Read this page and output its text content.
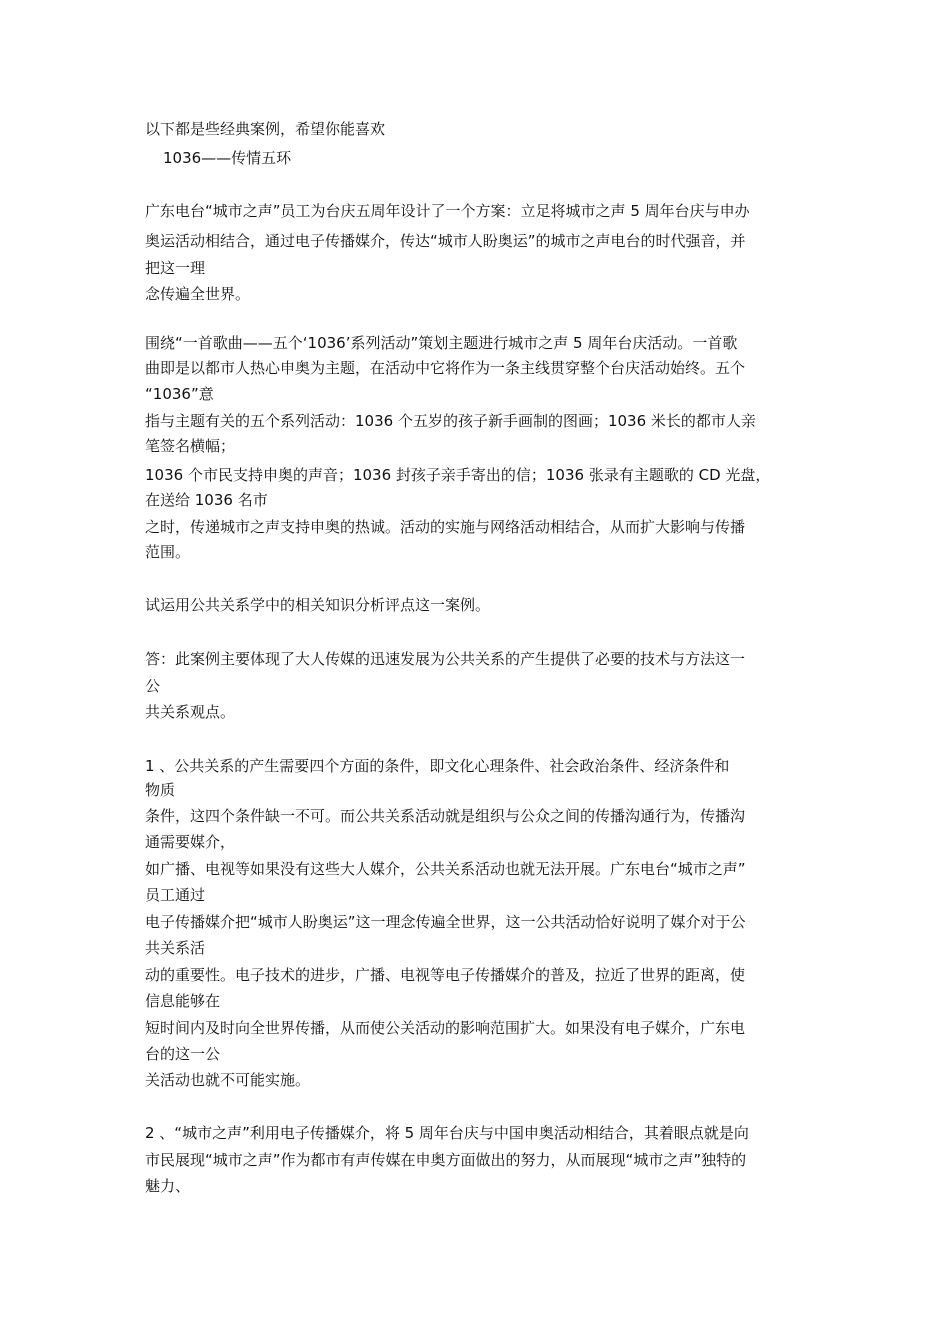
以下都是些经典案例，希望你能喜欢
1036——传情五环
广东电台“城市之声”员工为台庆五周年设计了一个方案：立足将城市之声 5 周年台庆与申办
奥运活动相结合，通过电子传播媒介，传达“城市人盼奥运”的城市之声电台的时代强音，并
把这一理
念传遍全世界。
围绕“一首歌曲——五个‘1036’系列活动”策划主题进行城市之声 5 周年台庆活动。一首歌
曲即是以都市人热心申奥为主题，在活动中它将作为一条主线贯穿整个台庆活动始终。五个
“1036”意
指与主题有关的五个系列活动：1036 个五岁的孩子新手画制的图画；1036 米长的都市人亲
笔签名横幅；
1036 个市民支持申奥的声音；1036 封孩子亲手寄出的信；1036 张录有主题歌的 CD 光盘，
在送给 1036 名市
之时，传递城市之声支持申奥的热诚。活动的实施与网络活动相结合，从而扩大影响与传播
范围。
试运用公共关系学中的相关知识分析评点这一案例。
答：此案例主要体现了大人传媒的迅速发展为公共关系的产生提供了必要的技术与方法这一
公
共关系观点。
1 、公共关系的产生需要四个方面的条件，即文化心理条件、社会政治条件、经济条件和
物质
条件，这四个条件缺一不可。而公共关系活动就是组织与公众之间的传播沟通行为，传播沟
通需要媒介，
如广播、电视等如果没有这些大人媒介，公共关系活动也就无法开展。广东电台“城市之声”
员工通过
电子传播媒介把“城市人盼奥运”这一理念传遍全世界，这一公共活动恰好说明了媒介对于公
共关系活
动的重要性。电子技术的进步，广播、电视等电子传播媒介的普及，拉近了世界的距离，使
信息能够在
短时间内及时向全世界传播，从而使公关活动的影响范围扩大。如果没有电子媒介，广东电
台的这一公
关活动也就不可能实施。
2 、“城市之声”利用电子传播媒介，将 5 周年台庆与中国申奥活动相结合，其着眼点就是向
市民展现“城市之声”作为都市有声传媒在申奥方面做出的努力，从而展现“城市之声”独特的
魅力、
